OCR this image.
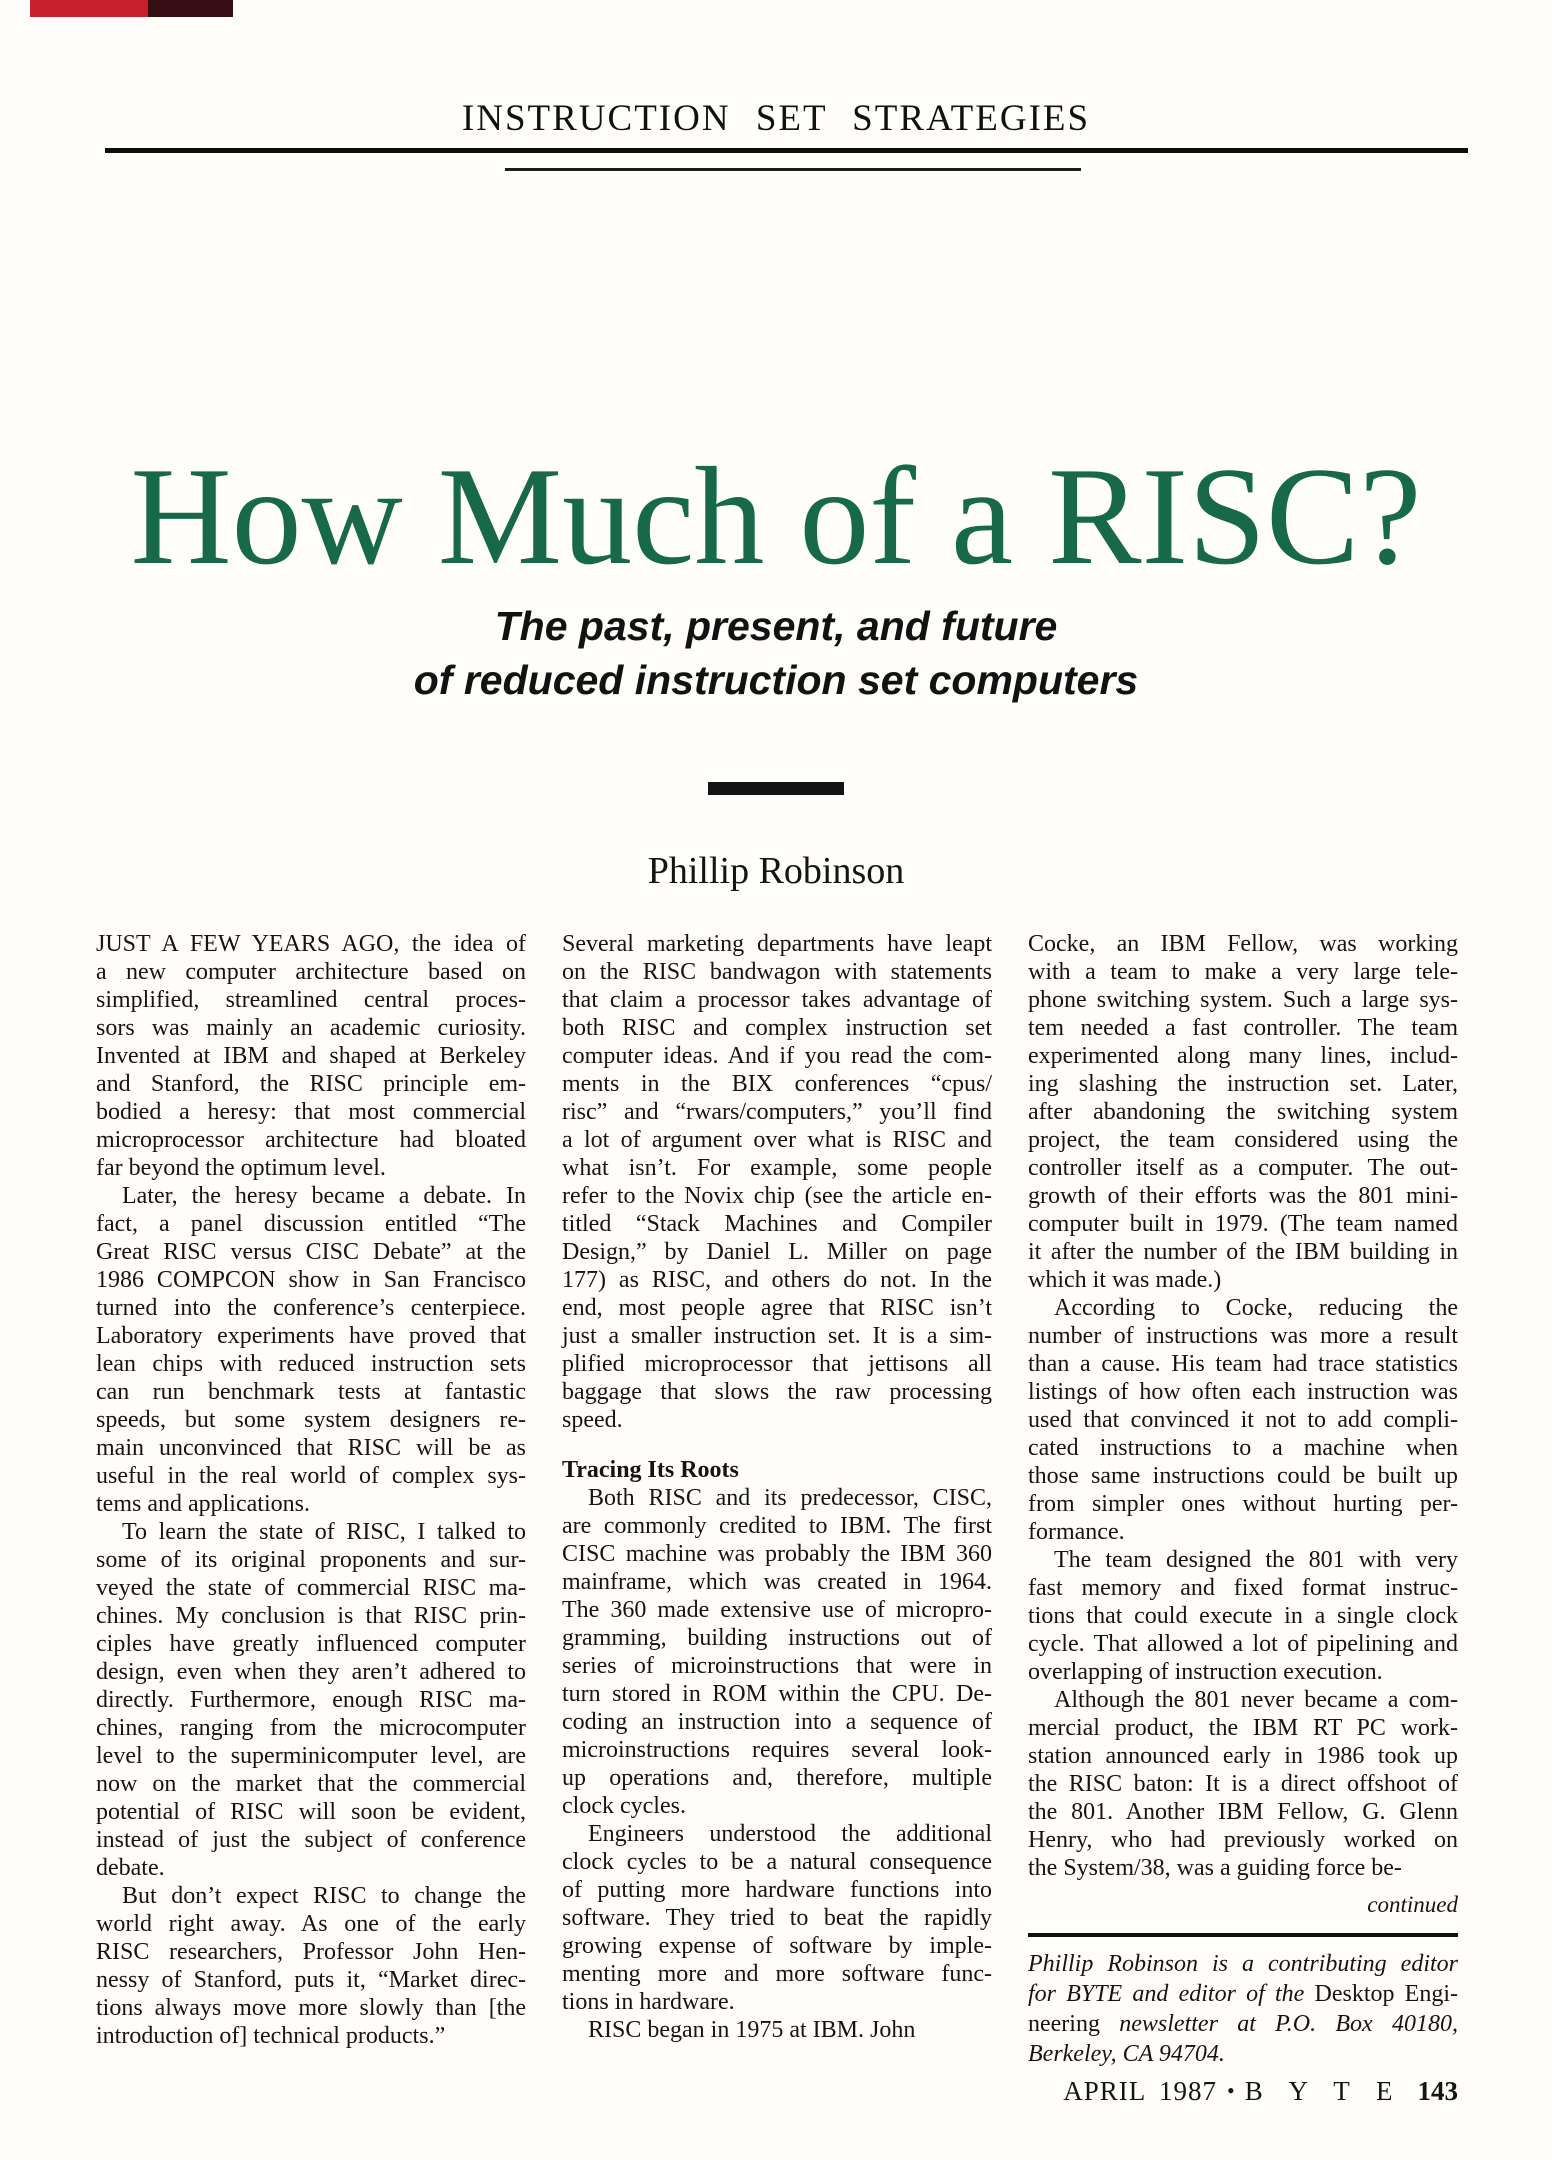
INSTRUCTION SET STRATEGIES
How Much of a RISC?
The past, present, and future
of reduced instruction set computers
Phillip Robinson
JUST A FEW YEARS AGO, the idea of
a new computer architecture based on
simplified, streamlined central proces-
sors was mainly an academic curiosity.
Invented at IBM and shaped at Berkeley
and Stanford, the RISC principle em-
bodied a heresy: that most commercial
microprocessor architecture had bloated
far beyond the optimum level.
Later, the heresy became a debate. In
fact, a panel discussion entitled “The
Great RISC versus CISC Debate” at the
1986 COMPCON show in San Francisco
turned into the conference’s centerpiece.
Laboratory experiments have proved that
lean chips with reduced instruction sets
can run benchmark tests at fantastic
speeds, but some system designers re-
main unconvinced that RISC will be as
useful in the real world of complex sys-
tems and applications.
To learn the state of RISC, I talked to
some of its original proponents and sur-
veyed the state of commercial RISC ma-
chines. My conclusion is that RISC prin-
ciples have greatly influenced computer
design, even when they aren’t adhered to
directly. Furthermore, enough RISC ma-
chines, ranging from the microcomputer
level to the superminicomputer level, are
now on the market that the commercial
potential of RISC will soon be evident,
instead of just the subject of conference
debate.
But don’t expect RISC to change the
world right away. As one of the early
RISC researchers, Professor John Hen-
nessy of Stanford, puts it, “Market direc-
tions always move more slowly than [the
introduction of] technical products.”
Several marketing departments have leapt
on the RISC bandwagon with statements
that claim a processor takes advantage of
both RISC and complex instruction set
computer ideas. And if you read the com-
ments in the BIX conferences “cpus/
risc” and “rwars/computers,” you’ll find
a lot of argument over what is RISC and
what isn’t. For example, some people
refer to the Novix chip (see the article en-
titled “Stack Machines and Compiler
Design,” by Daniel L. Miller on page
177) as RISC, and others do not. In the
end, most people agree that RISC isn’t
just a smaller instruction set. It is a sim-
plified microprocessor that jettisons all
baggage that slows the raw processing
speed.
Tracing Its Roots
Both RISC and its predecessor, CISC,
are commonly credited to IBM. The first
CISC machine was probably the IBM 360
mainframe, which was created in 1964.
The 360 made extensive use of micropro-
gramming, building instructions out of
series of microinstructions that were in
turn stored in ROM within the CPU. De-
coding an instruction into a sequence of
microinstructions requires several look-
up operations and, therefore, multiple
clock cycles.
Engineers understood the additional
clock cycles to be a natural consequence
of putting more hardware functions into
software. They tried to beat the rapidly
growing expense of software by imple-
menting more and more software func-
tions in hardware.
RISC began in 1975 at IBM. John
Cocke, an IBM Fellow, was working
with a team to make a very large tele-
phone switching system. Such a large sys-
tem needed a fast controller. The team
experimented along many lines, includ-
ing slashing the instruction set. Later,
after abandoning the switching system
project, the team considered using the
controller itself as a computer. The out-
growth of their efforts was the 801 mini-
computer built in 1979. (The team named
it after the number of the IBM building in
which it was made.)
According to Cocke, reducing the
number of instructions was more a result
than a cause. His team had trace statistics
listings of how often each instruction was
used that convinced it not to add compli-
cated instructions to a machine when
those same instructions could be built up
from simpler ones without hurting per-
formance.
The team designed the 801 with very
fast memory and fixed format instruc-
tions that could execute in a single clock
cycle. That allowed a lot of pipelining and
overlapping of instruction execution.
Although the 801 never became a com-
mercial product, the IBM RT PC work-
station announced early in 1986 took up
the RISC baton: It is a direct offshoot of
the 801. Another IBM Fellow, G. Glenn
Henry, who had previously worked on
the System/38, was a guiding force be-
continued
Phillip Robinson is a contributing editor
for BYTE and editor of the Desktop Engi-
neering newsletter at P.O. Box 40180,
Berkeley, CA 94704.
APRIL 1987 • B Y T E 143
